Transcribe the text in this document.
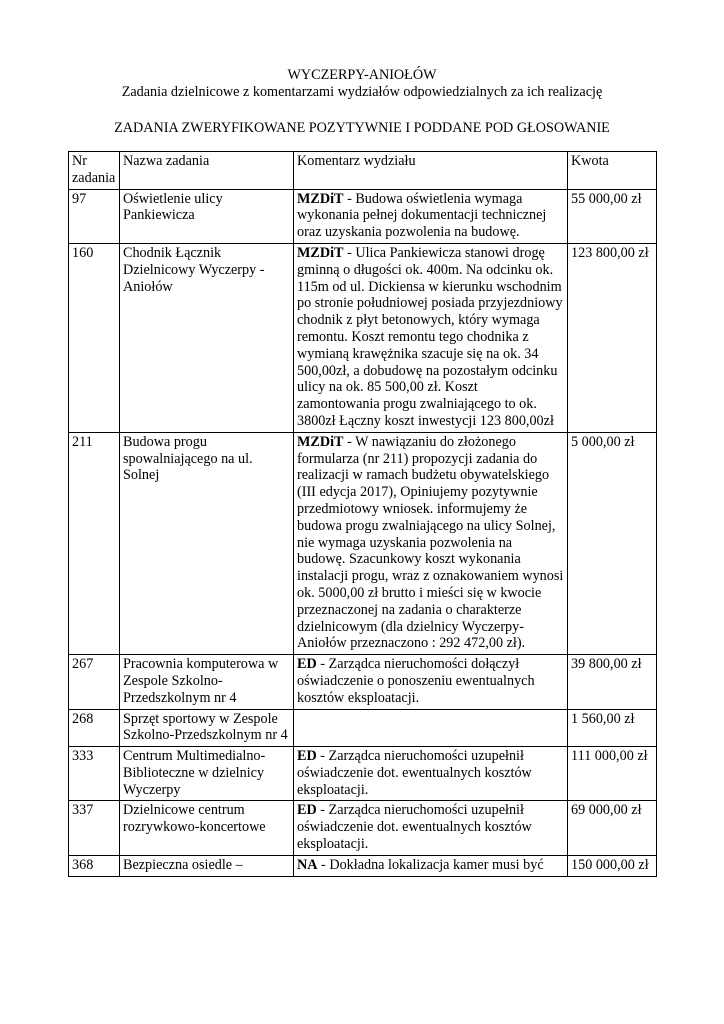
WYCZERPY-ANIOŁÓW
Zadania dzielnicowe z komentarzami wydziałów odpowiedzialnych za ich realizację
ZADANIA ZWERYFIKOWANE POZYTYWNIE I PODDANE POD GŁOSOWANIE
Nr zadania	Nazwa zadania	Komentarz wydziału	Kwota
97	Oświetlenie ulicy Pankiewicza	MZDiT - Budowa oświetlenia wymaga wykonania pełnej dokumentacji technicznej oraz uzyskania pozwolenia na budowę.	55 000,00 zł
160	Chodnik Łącznik Dzielnicowy Wyczerpy - Aniołów	MZDiT - Ulica Pankiewicza stanowi drogę gminną o długości ok. 400m. Na odcinku ok. 115m od ul. Dickiensa w kierunku wschodnim po stronie południowej posiada przyjezdniowy chodnik z płyt betonowych, który wymaga remontu. Koszt remontu tego chodnika z wymianą krawężnika szacuje się na ok. 34 500,00zł, a dobudowę na pozostałym odcinku ulicy na ok. 85 500,00 zł. Koszt zamontowania progu zwalniającego to ok. 3800zł Łączny koszt inwestycji 123 800,00zł	123 800,00 zł
211	Budowa progu spowalniającego na ul. Solnej	MZDiT - W nawiązaniu do złożonego formularza (nr 211) propozycji zadania do realizacji w ramach budżetu obywatelskiego (III edycja 2017), Opiniujemy pozytywnie przedmiotowy wniosek. informujemy że budowa progu zwalniającego na ulicy Solnej, nie wymaga uzyskania pozwolenia na budowę. Szacunkowy koszt wykonania instalacji progu, wraz z oznakowaniem wynosi ok. 5000,00 zł brutto i mieści się w kwocie przeznaczonej na zadania o charakterze dzielnicowym (dla dzielnicy Wyczerpy-Aniołów przeznaczono : 292 472,00 zł).	5 000,00 zł
267	Pracownia komputerowa w Zespole Szkolno-Przedszkolnym nr 4	ED - Zarządca nieruchomości dołączył oświadczenie o ponoszeniu ewentualnych kosztów eksploatacji.	39 800,00 zł
268	Sprzęt sportowy w Zespole Szkolno-Przedszkolnym nr 4		1 560,00 zł
333	Centrum Multimedialno-Biblioteczne w dzielnicy Wyczerpy	ED - Zarządca nieruchomości uzupełnił oświadczenie dot. ewentualnych kosztów eksploatacji.	111 000,00 zł
337	Dzielnicowe centrum rozrywkowo-koncertowe	ED - Zarządca nieruchomości uzupełnił oświadczenie dot. ewentualnych kosztów eksploatacji.	69 000,00 zł
368	Bezpieczna osiedle –	NA - Dokładna lokalizacja kamer musi być	150 000,00 zł
